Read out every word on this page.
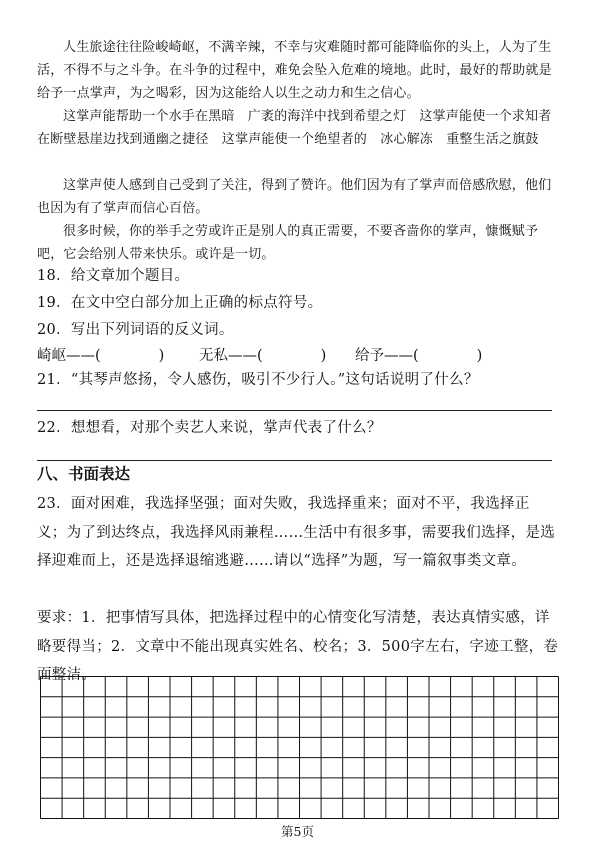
人生旅途往往险峻崎岖，不满辛辣，不幸与灾难随时都可能降临你的头上，人为了生活，不得不与之斗争。在斗争的过程中，难免会坠入危难的境地。此时，最好的帮助就是给予一点掌声，为之喝彩，因为这能给人以生之动力和生之信心。

这掌声能帮助一个水手在黑暗　广袤的海洋中找到希望之灯　这掌声能使一个求知者在断壁悬崖边找到通幽之捷径　这掌声能使一个绝望者的　冰心解冻　重整生活之旗鼓

这掌声使人感到自己受到了关注，得到了赞许。他们因为有了掌声而倍感欣慰，他们也因为有了掌声而信心百倍。

很多时候，你的举手之劳或许正是别人的真正需要，不要吝啬你的掌声，慷慨赋予吧，它会给别人带来快乐。或许是一切。

18．给文章加个题目。

19．在文中空白部分加上正确的标点符号。

20．写出下列词语的反义词。

崎岖——(　　　　) 无私——(　　　　) 给予——(　　　　)

21．“其琴声悠扬，令人感伤，吸引不少行人。”这句话说明了什么？

22．想想看，对那个卖艺人来说，掌声代表了什么？

八、书面表达

23．面对困难，我选择坚强；面对失败，我选择重来；面对不平，我选择正义；为了到达终点，我选择风雨兼程……生活中有很多事，需要我们选择，是选择迎难而上，还是选择退缩逃避……请以“选择”为题，写一篇叙事类文章。

要求：1．把事情写具体，把选择过程中的心情变化写清楚，表达真情实感，详略要得当；2．文章中不能出现真实姓名、校名；3．500字左右，字迹工整，卷面整洁。

第5页
